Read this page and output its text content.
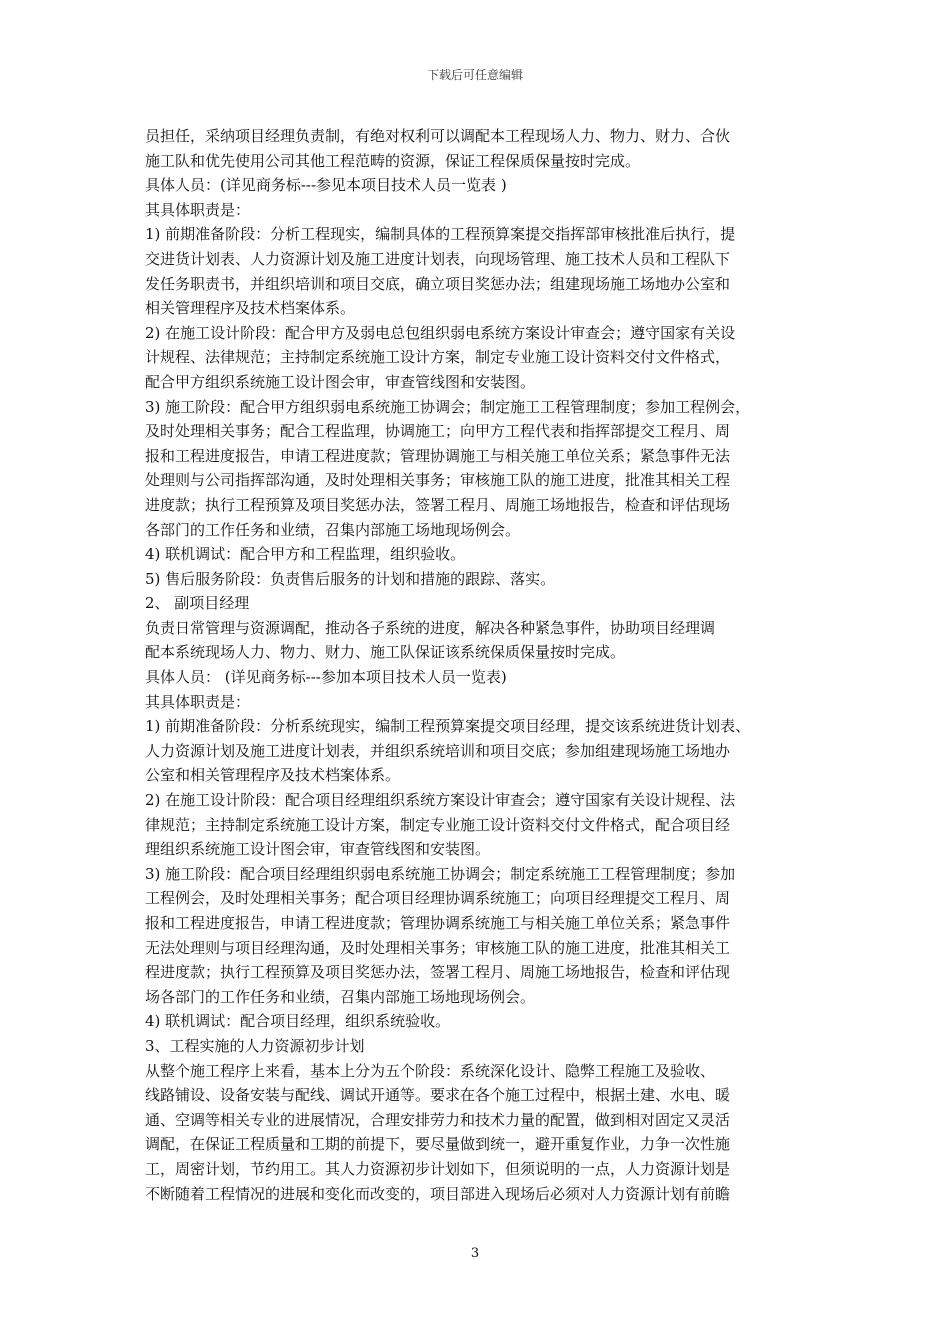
下载后可任意编辑
员担任，采纳项目经理负责制，有绝对权利可以调配本工程现场人力、物力、财力、合伙
施工队和优先使用公司其他工程范畴的资源，保证工程保质保量按时完成。
具体人员：(详见商务标---参见本项目技术人员一览表 )
其具体职责是：
1) 前期准备阶段：分析工程现实，编制具体的工程预算案提交指挥部审核批准后执行，提
交进货计划表、人力资源计划及施工进度计划表，向现场管理、施工技术人员和工程队下
发任务职责书，并组织培训和项目交底，确立项目奖惩办法；组建现场施工场地办公室和
相关管理程序及技术档案体系。
2) 在施工设计阶段：配合甲方及弱电总包组织弱电系统方案设计审查会；遵守国家有关设
计规程、法律规范；主持制定系统施工设计方案，制定专业施工设计资料交付文件格式，
配合甲方组织系统施工设计图会审，审查管线图和安装图。
3) 施工阶段：配合甲方组织弱电系统施工协调会；制定施工工程管理制度；参加工程例会，
及时处理相关事务；配合工程监理，协调施工；向甲方工程代表和指挥部提交工程月、周
报和工程进度报告，申请工程进度款；管理协调施工与相关施工单位关系；紧急事件无法
处理则与公司指挥部沟通，及时处理相关事务；审核施工队的施工进度，批准其相关工程
进度款；执行工程预算及项目奖惩办法，签署工程月、周施工场地报告，检查和评估现场
各部门的工作任务和业绩，召集内部施工场地现场例会。
4) 联机调试：配合甲方和工程监理，组织验收。
5) 售后服务阶段：负责售后服务的计划和措施的跟踪、落实。
2、 副项目经理
负责日常管理与资源调配，推动各子系统的进度，解决各种紧急事件，协助项目经理调
配本系统现场人力、物力、财力、施工队保证该系统保质保量按时完成。
具体人员： (详见商务标---参加本项目技术人员一览表)
其具体职责是：
1) 前期准备阶段：分析系统现实，编制工程预算案提交项目经理，提交该系统进货计划表、
人力资源计划及施工进度计划表，并组织系统培训和项目交底；参加组建现场施工场地办
公室和相关管理程序及技术档案体系。
2) 在施工设计阶段：配合项目经理组织系统方案设计审查会；遵守国家有关设计规程、法
律规范；主持制定系统施工设计方案，制定专业施工设计资料交付文件格式，配合项目经
理组织系统施工设计图会审，审查管线图和安装图。
3) 施工阶段：配合项目经理组织弱电系统施工协调会；制定系统施工工程管理制度；参加
工程例会，及时处理相关事务；配合项目经理协调系统施工；向项目经理提交工程月、周
报和工程进度报告，申请工程进度款；管理协调系统施工与相关施工单位关系；紧急事件
无法处理则与项目经理沟通，及时处理相关事务；审核施工队的施工进度，批准其相关工
程进度款；执行工程预算及项目奖惩办法，签署工程月、周施工场地报告，检查和评估现
场各部门的工作任务和业绩，召集内部施工场地现场例会。
4) 联机调试：配合项目经理，组织系统验收。
3、工程实施的人力资源初步计划
从整个施工程序上来看，基本上分为五个阶段：系统深化设计、隐弊工程施工及验收、
线路铺设、设备安装与配线、调试开通等。要求在各个施工过程中，根据土建、水电、暖
通、空调等相关专业的进展情况，合理安排劳力和技术力量的配置，做到相对固定又灵活
调配，在保证工程质量和工期的前提下，要尽量做到统一，避开重复作业，力争一次性施
工，周密计划，节约用工。其人力资源初步计划如下，但须说明的一点，人力资源计划是
不断随着工程情况的进展和变化而改变的，项目部进入现场后必须对人力资源计划有前瞻
3
